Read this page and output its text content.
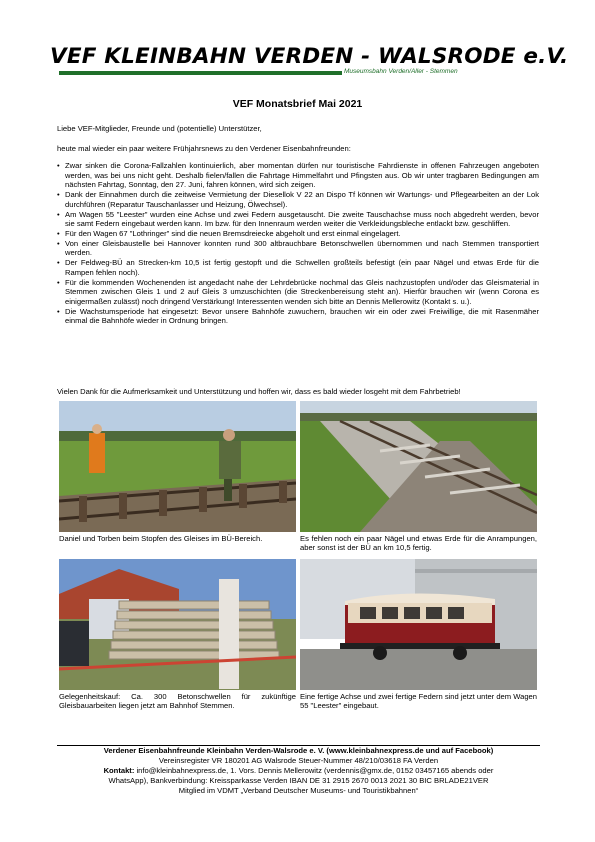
VEF KLEINBAHN VERDEN - WALSRODE e.V.
Museumsbahn Verden/Aller - Stemmen
VEF Monatsbrief Mai 2021
Liebe VEF-Mitglieder, Freunde und (potentielle) Unterstützer,
heute mal wieder ein paar weitere Frühjahrsnews zu den Verdener Eisenbahnfreunden:
• Zwar sinken die Corona-Fallzahlen kontinuierlich, aber momentan dürfen nur touristische Fahrdienste in offenen Fahrzeugen angeboten werden, was bei uns nicht geht. Deshalb fielen/fallen die Fahrtage Himmelfahrt und Pfingsten aus. Ob wir unter tragbaren Bedingungen am nächsten Fahrtag, Sonntag, den 27. Juni, fahren können, wird sich zeigen.
• Dank der Einnahmen durch die zeitweise Vermietung der Diesellok V 22 an Dispo Tf können wir Wartungs- und Pflegearbeiten an der Lok durchführen (Reparatur Tauschanlasser und Heizung, Ölwechsel).
• Am Wagen 55 "Leester" wurden eine Achse und zwei Federn ausgetauscht. Die zweite Tauschachse muss noch abgedreht werden, bevor sie samt Federn eingebaut werden kann. Im bzw. für den Innenraum werden weiter die Verkleidungsbleche entlackt bzw. geschliffen.
• Für den Wagen 67 "Lothringer" sind die neuen Bremsdreiecke abgeholt und erst einmal eingelagert.
• Von einer Gleisbaustelle bei Hannover konnten rund 300 altbrauchbare Betonschwellen übernommen und nach Stemmen transportiert werden.
• Der Feldweg-BÜ an Strecken-km 10,5 ist fertig gestopft und die Schwellen großteils befestigt (ein paar Nägel und etwas Erde für die Rampen fehlen noch).
• Für die kommenden Wochenenden ist angedacht nahe der Lehrdebrücke nochmal das Gleis nachzustopfen und/oder das Gleismaterial in Stemmen zwischen Gleis 1 und 2 auf Gleis 3 umzuschichten (die Streckenbereisung steht an). Hierfür brauchen wir (wenn Corona es einigermaßen zulässt) noch dringend Verstärkung! Interessenten wenden sich bitte an Dennis Mellerowitz (Kontakt s. u.).
• Die Wachstumsperiode hat eingesetzt: Bevor unsere Bahnhöfe zuwuchern, brauchen wir ein oder zwei Freiwillige, die mit Rasenmäher einmal die Bahnhöfe wieder in Ordnung bringen.
Vielen Dank für die Aufmerksamkeit und Unterstützung und hoffen wir, dass es bald wieder losgeht mit dem Fahrbetrieb!
Daniel und Torben beim Stopfen des Gleises im BÜ-Bereich.	Es fehlen noch ein paar Nägel und etwas Erde für die Anrampungen, aber sonst ist der BÜ an km 10,5 fertig.
Gelegenheitskauf: Ca. 300 Betonschwellen für zukünftige Gleisbauarbeiten liegen jetzt am Bahnhof Stemmen.
Eine fertige Achse und zwei fertige Federn sind jetzt unter dem Wagen 55 "Leester" eingebaut.
Verdener Eisenbahnfreunde Kleinbahn Verden-Walsrode e. V. (www.kleinbahnexpress.de und auf Facebook)
Vereinsregister VR 180201 AG Walsrode Steuer-Nummer 48/210/03618 FA Verden
Kontakt: info@kleinbahnexpress.de, 1. Vors. Dennis Mellerowitz (verdennis@gmx.de, 0152 03457165 abends oder
WhatsApp), Bankverbindung: Kreissparkasse Verden IBAN DE 31 2915 2670 0013 2021 30 BIC BRLADE21VER
Mitglied im VDMT „Verband Deutscher Museums- und Touristikbahnen“
